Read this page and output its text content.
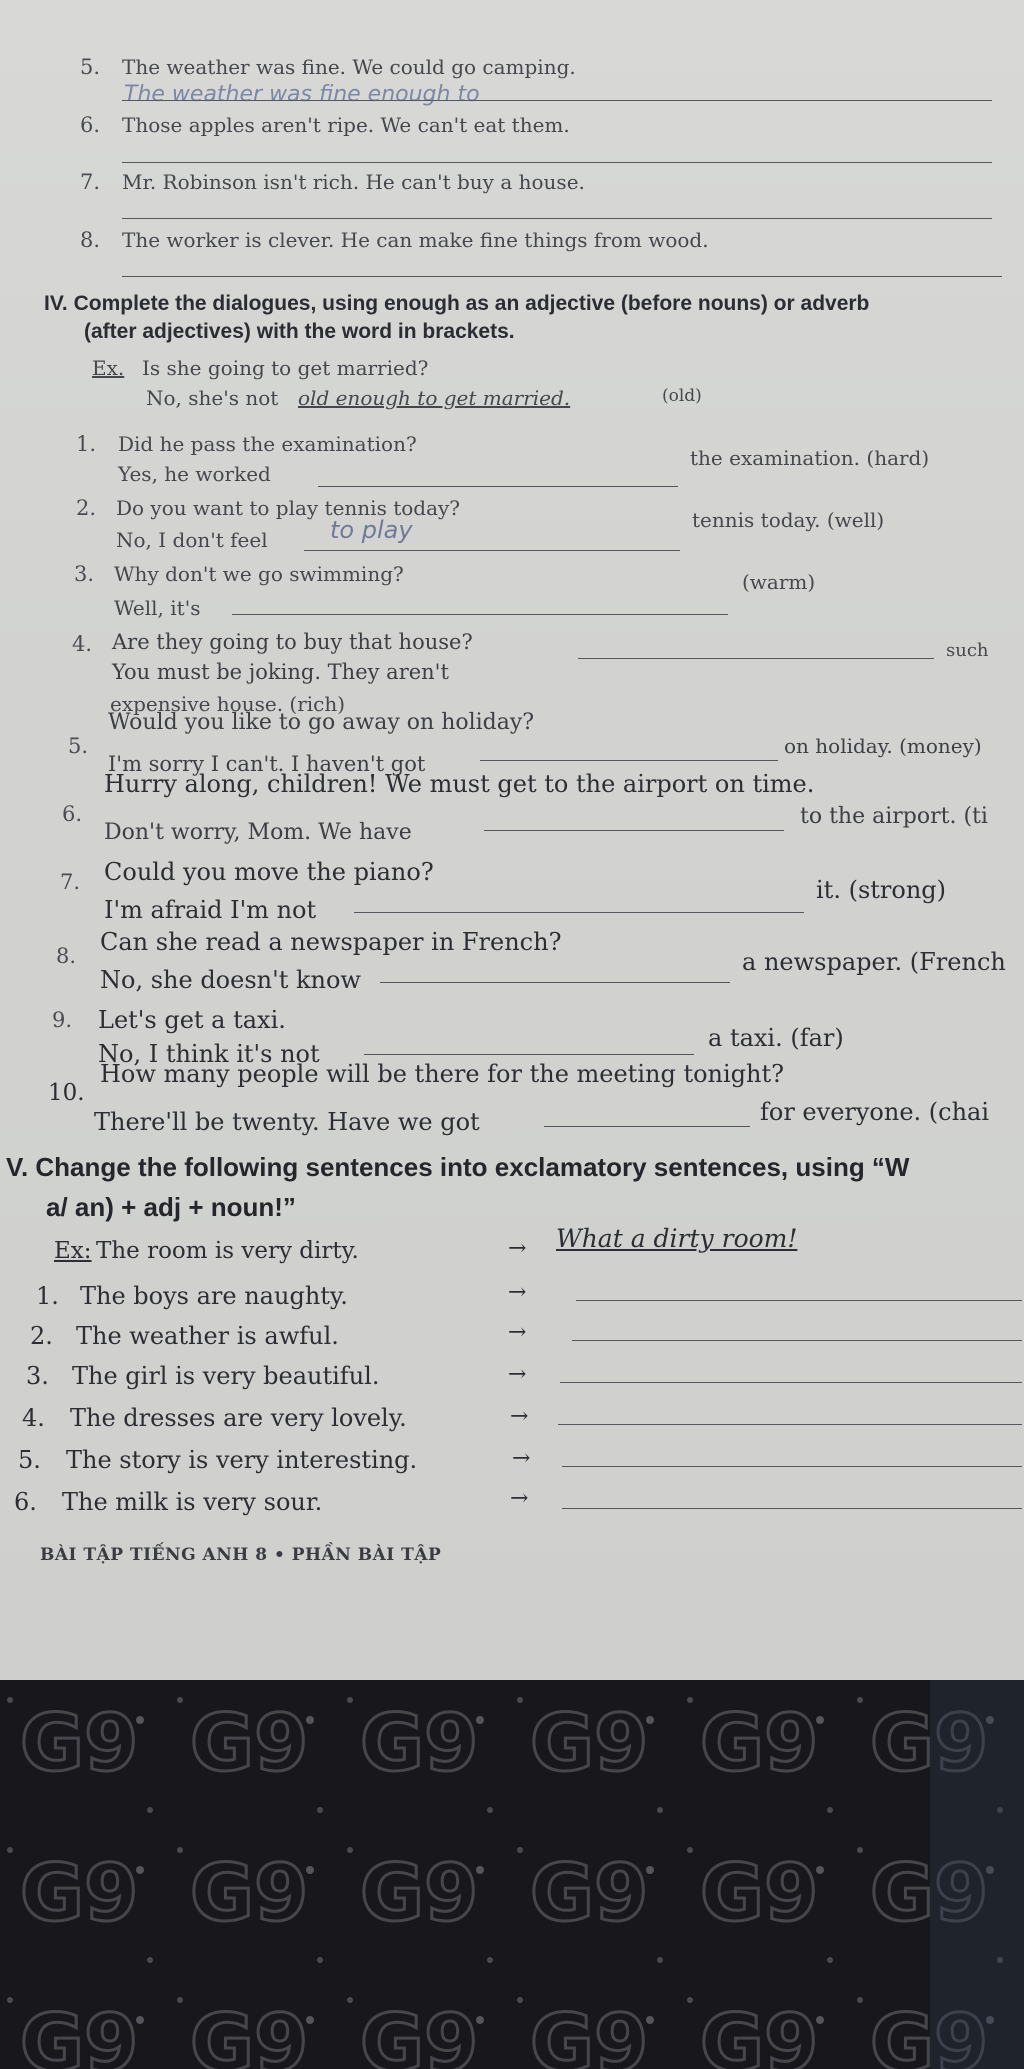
5. The weather was fine. We could go camping.
The weather was fine enough to
6. Those apples aren't ripe. We can't eat them.
7. Mr. Robinson isn't rich. He can't buy a house.
8. The worker is clever. He can make fine things from wood.
IV. Complete the dialogues, using enough as an adjective (before nouns) or adverb
(after adjectives) with the word in brackets.
Ex. Is she going to get married?
No, she's not old enough to get married.	(old)
1. Did he pass the examination?
Yes, he worked
the examination. (hard)
2. Do you want to play tennis today?
No, I don't feel	to play	tennis today. (well)
3. Why don't we go swimming?
Well, it's
(warm)
4. Are they going to buy that house?
You must be joking. They aren't
such
expensive house. (rich)
5.
Would you like to go away on holiday?
I'm sorry I can't. I haven't got
on holiday. (money)
6.
Hurry along, children! We must get to the airport on time.
Don't worry, Mom. We have
to the airport. (ti
7. Could you move the piano?
I'm afraid I'm not
it. (strong)
8. Can she read a newspaper in French?
No, she doesn't know
a newspaper. (French
9. Let's get a taxi.
No, I think it's not
a taxi. (far)
10.
How many people will be there for the meeting tonight?
There'll be twenty. Have we got	for everyone. (chai
V. Change the following sentences into exclamatory sentences, using “W
a/ an) + adj + noun!”
Ex: The room is very dirty.	→ What a dirty room!
1. The boys are naughty.	→
2. The weather is awful.	→
3. The girl is very beautiful.	→
4. The dresses are very lovely.	→
5. The story is very interesting.	→
6. The milk is very sour.	→
BÀI TẬP TIẾNG ANH 8 • PHẦN BÀI TẬP
